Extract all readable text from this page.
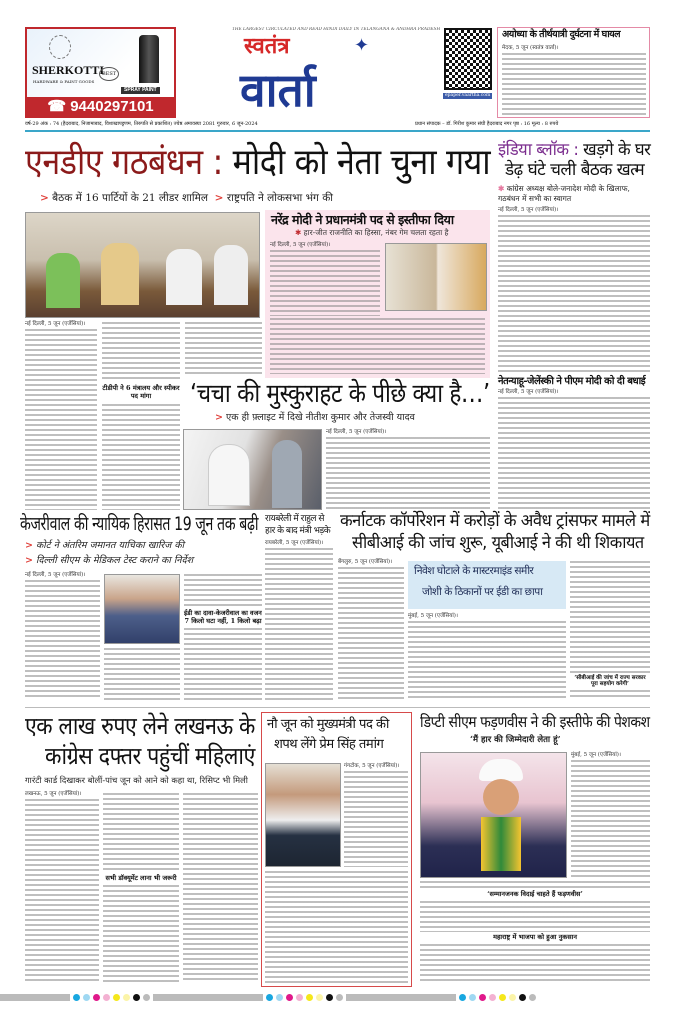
SHERKOTTI
HARDWARE & PAINT GOODS
BEST
SPRAY PAINT
☎ 9440297101
THE LARGEST CIRCULATED AND READ HINDI DAILY IN TELANGANA & ANDHRA PRADESH
स्वतंत्र	✦
वार्ता	epaper.vaartha.com
अयोध्या के तीर्थयात्री दुर्घटना में घायल
मेदक, 5 जून (स्वतंत्र वार्ता)।
वर्ष-29 अंक : 74 (हैदराबाद, निजामाबाद, विशाखापट्टणम, तिरुपति से प्रकाशित) ज्येष्ठ अमावस्या 2081 गुरुवार, 6 जून-2024	प्रधान संपादक – डॉ. गिरीश कुमार संघी हैदराबाद नगर पृष्ठ : 16 मूल्य : 8 रुपये
एनडीए गठबंधन : मोदी को नेता चुना गया
> बैठक में 16 पार्टियों के 21 लीडर शामिल > राष्ट्रपति ने लोकसभा भंग की
नई दिल्ली, 5 जून (एजेंसियां)।
टीडीपी ने 6 मंत्रालय और स्पीकर पद मांगा
नरेंद्र मोदी ने प्रधानमंत्री पद से इस्तीफा दिया
✱ हार-जीत राजनीति का हिस्सा, नंबर गेम चलता रहता है
नई दिल्ली, 5 जून (एजेंसियां)।
इंडिया ब्लॉक : खड़गे के घर
डेढ़ घंटे चली बैठक खत्म
✱ कांग्रेस अध्यक्ष बोले-जनादेश मोदी के खिलाफ, गठबंधन में सभी का स्वागत
नई दिल्ली, 5 जून (एजेंसियां)।
नेतन्याहू-जेलेंस्की ने पीएम मोदी को दी बधाई
नई दिल्ली, 5 जून (एजेंसियां)।
‘चचा की मुस्कुराहट के पीछे क्या है…’
> एक ही फ़्लाइट में दिखे नीतीश कुमार और तेजस्वी यादव
नई दिल्ली, 5 जून (एजेंसियां)।
केजरीवाल की न्यायिक हिरासत 19 जून तक बढ़ी
> कोर्ट ने अंतरिम जमानत याचिका खारिज की
> दिल्ली सीएम के मेडिकल टेस्ट कराने का निर्देश
नई दिल्ली, 5 जून (एजेंसियां)।
ईडी का दावा-केजरीवाल का वजन
7 किलो घटा नहीं, 1 किलो बढ़ा
रायबरेली में राहुल से
हार के बाद मंत्री भड़के
रायबरेली, 5 जून (एजेंसियां)।
कर्नाटक कॉर्पोरेशन में करोड़ों के अवैध ट्रांसफर मामले में
सीबीआई की जांच शुरू, यूबीआई ने की थी शिकायत
बेंगलुरु, 5 जून (एजेंसियां)।
निवेश घोटाले के मास्टरमाइंड समीर
जोशी के ठिकानों पर ईडी का छापा
मुंबई, 5 जून (एजेंसियां)।
‘सीबीआई की जांच में राज्य सरकार पूरा सहयोग करेगी’
एक लाख रुपए लेने लखनऊ के
कांग्रेस दफ्तर पहुंचीं महिलाएं
गारंटी कार्ड दिखाकर बोलीं-पांच जून को आने को कहा था, रिसिप्ट भी मिली
लखनऊ, 5 जून (एजेंसियां)।
सभी डॉक्यूमेंट लाना भी जरूरी
नौ जून को मुख्यमंत्री पद की
शपथ लेंगे प्रेम सिंह तमांग
गंगटोक, 5 जून (एजेंसियां)।
डिप्टी सीएम फड़णवीस ने की इस्तीफे की पेशकश
‘मैं हार की जिम्मेदारी लेता हूं’
मुंबई, 5 जून (एजेंसियां)।
‘सम्मानजनक विदाई चाहते हैं फड़णवीस’
महाराष्ट्र में भाजपा को हुआ नुकसान
